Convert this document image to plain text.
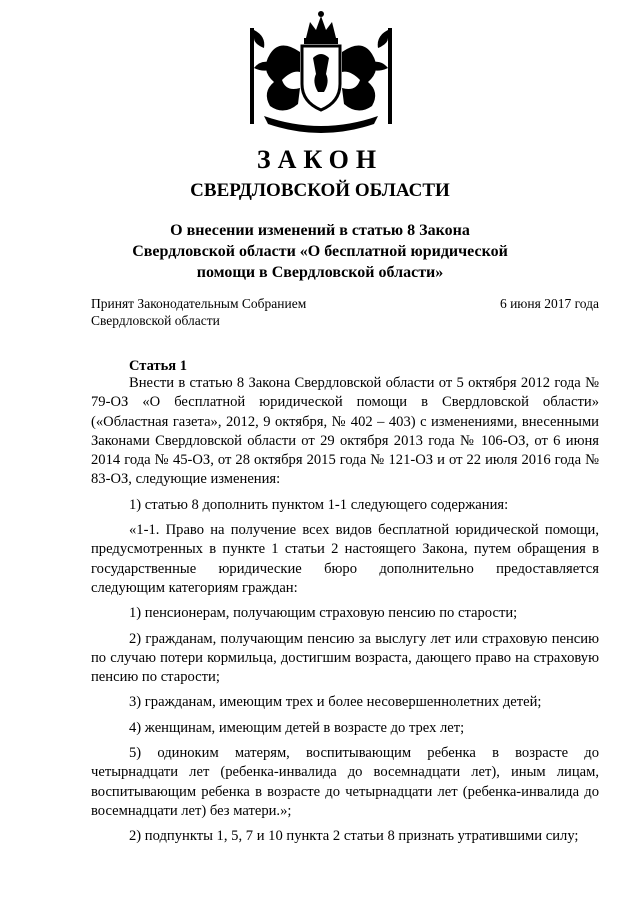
ЗАКОН
СВЕРДЛОВСКОЙ ОБЛАСТИ
О внесении изменений в статью 8 Закона
Свердловской области «О бесплатной юридической
помощи в Свердловской области»
Принят Законодательным Собранием
Свердловской области
6 июня 2017 года
Статья 1

Внести в статью 8 Закона Свердловской области от 5 октября 2012 года № 79-ОЗ «О бесплатной юридической помощи в Свердловской области» («Областная газета», 2012, 9 октября, № 402 – 403) с изменениями, внесенными Законами Свердловской области от 29 октября 2013 года № 106-ОЗ, от 6 июня 2014 года № 45-ОЗ, от 28 октября 2015 года № 121-ОЗ и от 22 июля 2016 года № 83-ОЗ, следующие изменения:

1) статью 8 дополнить пунктом 1-1 следующего содержания:

«1-1. Право на получение всех видов бесплатной юридической помощи, предусмотренных в пункте 1 статьи 2 настоящего Закона, путем обращения в государственные юридические бюро дополнительно предоставляется следующим категориям граждан:

1) пенсионерам, получающим страховую пенсию по старости;

2) гражданам, получающим пенсию за выслугу лет или страховую пенсию по случаю потери кормильца, достигшим возраста, дающего право на страховую пенсию по старости;

3) гражданам, имеющим трех и более несовершеннолетних детей;

4) женщинам, имеющим детей в возрасте до трех лет;

5) одиноким матерям, воспитывающим ребенка в возрасте до четырнадцати лет (ребенка-инвалида до восемнадцати лет), иным лицам, воспитывающим ребенка в возрасте до четырнадцати лет (ребенка-инвалида до восемнадцати лет) без матери.»;

2) подпункты 1, 5, 7 и 10 пункта 2 статьи 8 признать утратившими силу;
